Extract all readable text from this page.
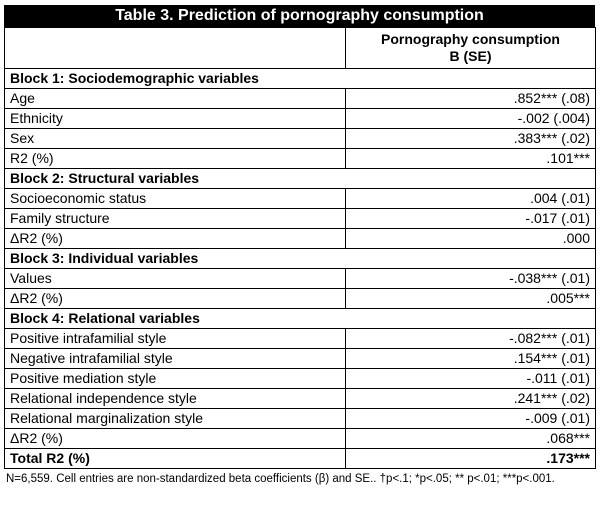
Table 3. Prediction of pornography consumption

	Pornography consumption
B (SE)

Block 1: Sociodemographic variables	
Age	.852*** (.08)
Ethnicity	-.002 (.004)
Sex	.383*** (.02)
R2 (%)	.101***
Block 2: Structural variables	
Socioeconomic status	.004 (.01)
Family structure	-.017 (.01)
ΔR2 (%)	.000
Block 3: Individual variables	
Values	-.038*** (.01)
ΔR2 (%)	.005***
Block 4: Relational variables	
Positive intrafamilial style	-.082*** (.01)
Negative intrafamilial style	.154*** (.01)
Positive mediation style	-.011 (.01)
Relational independence style	.241*** (.02)
Relational marginalization style	-.009 (.01)
ΔR2 (%)	.068***
Total R2 (%)	.173***
N=6,559. Cell entries are non-standardized beta coefficients (β) and SE.. †p<.1; *p<.05; ** p<.01; ***p<.001.
